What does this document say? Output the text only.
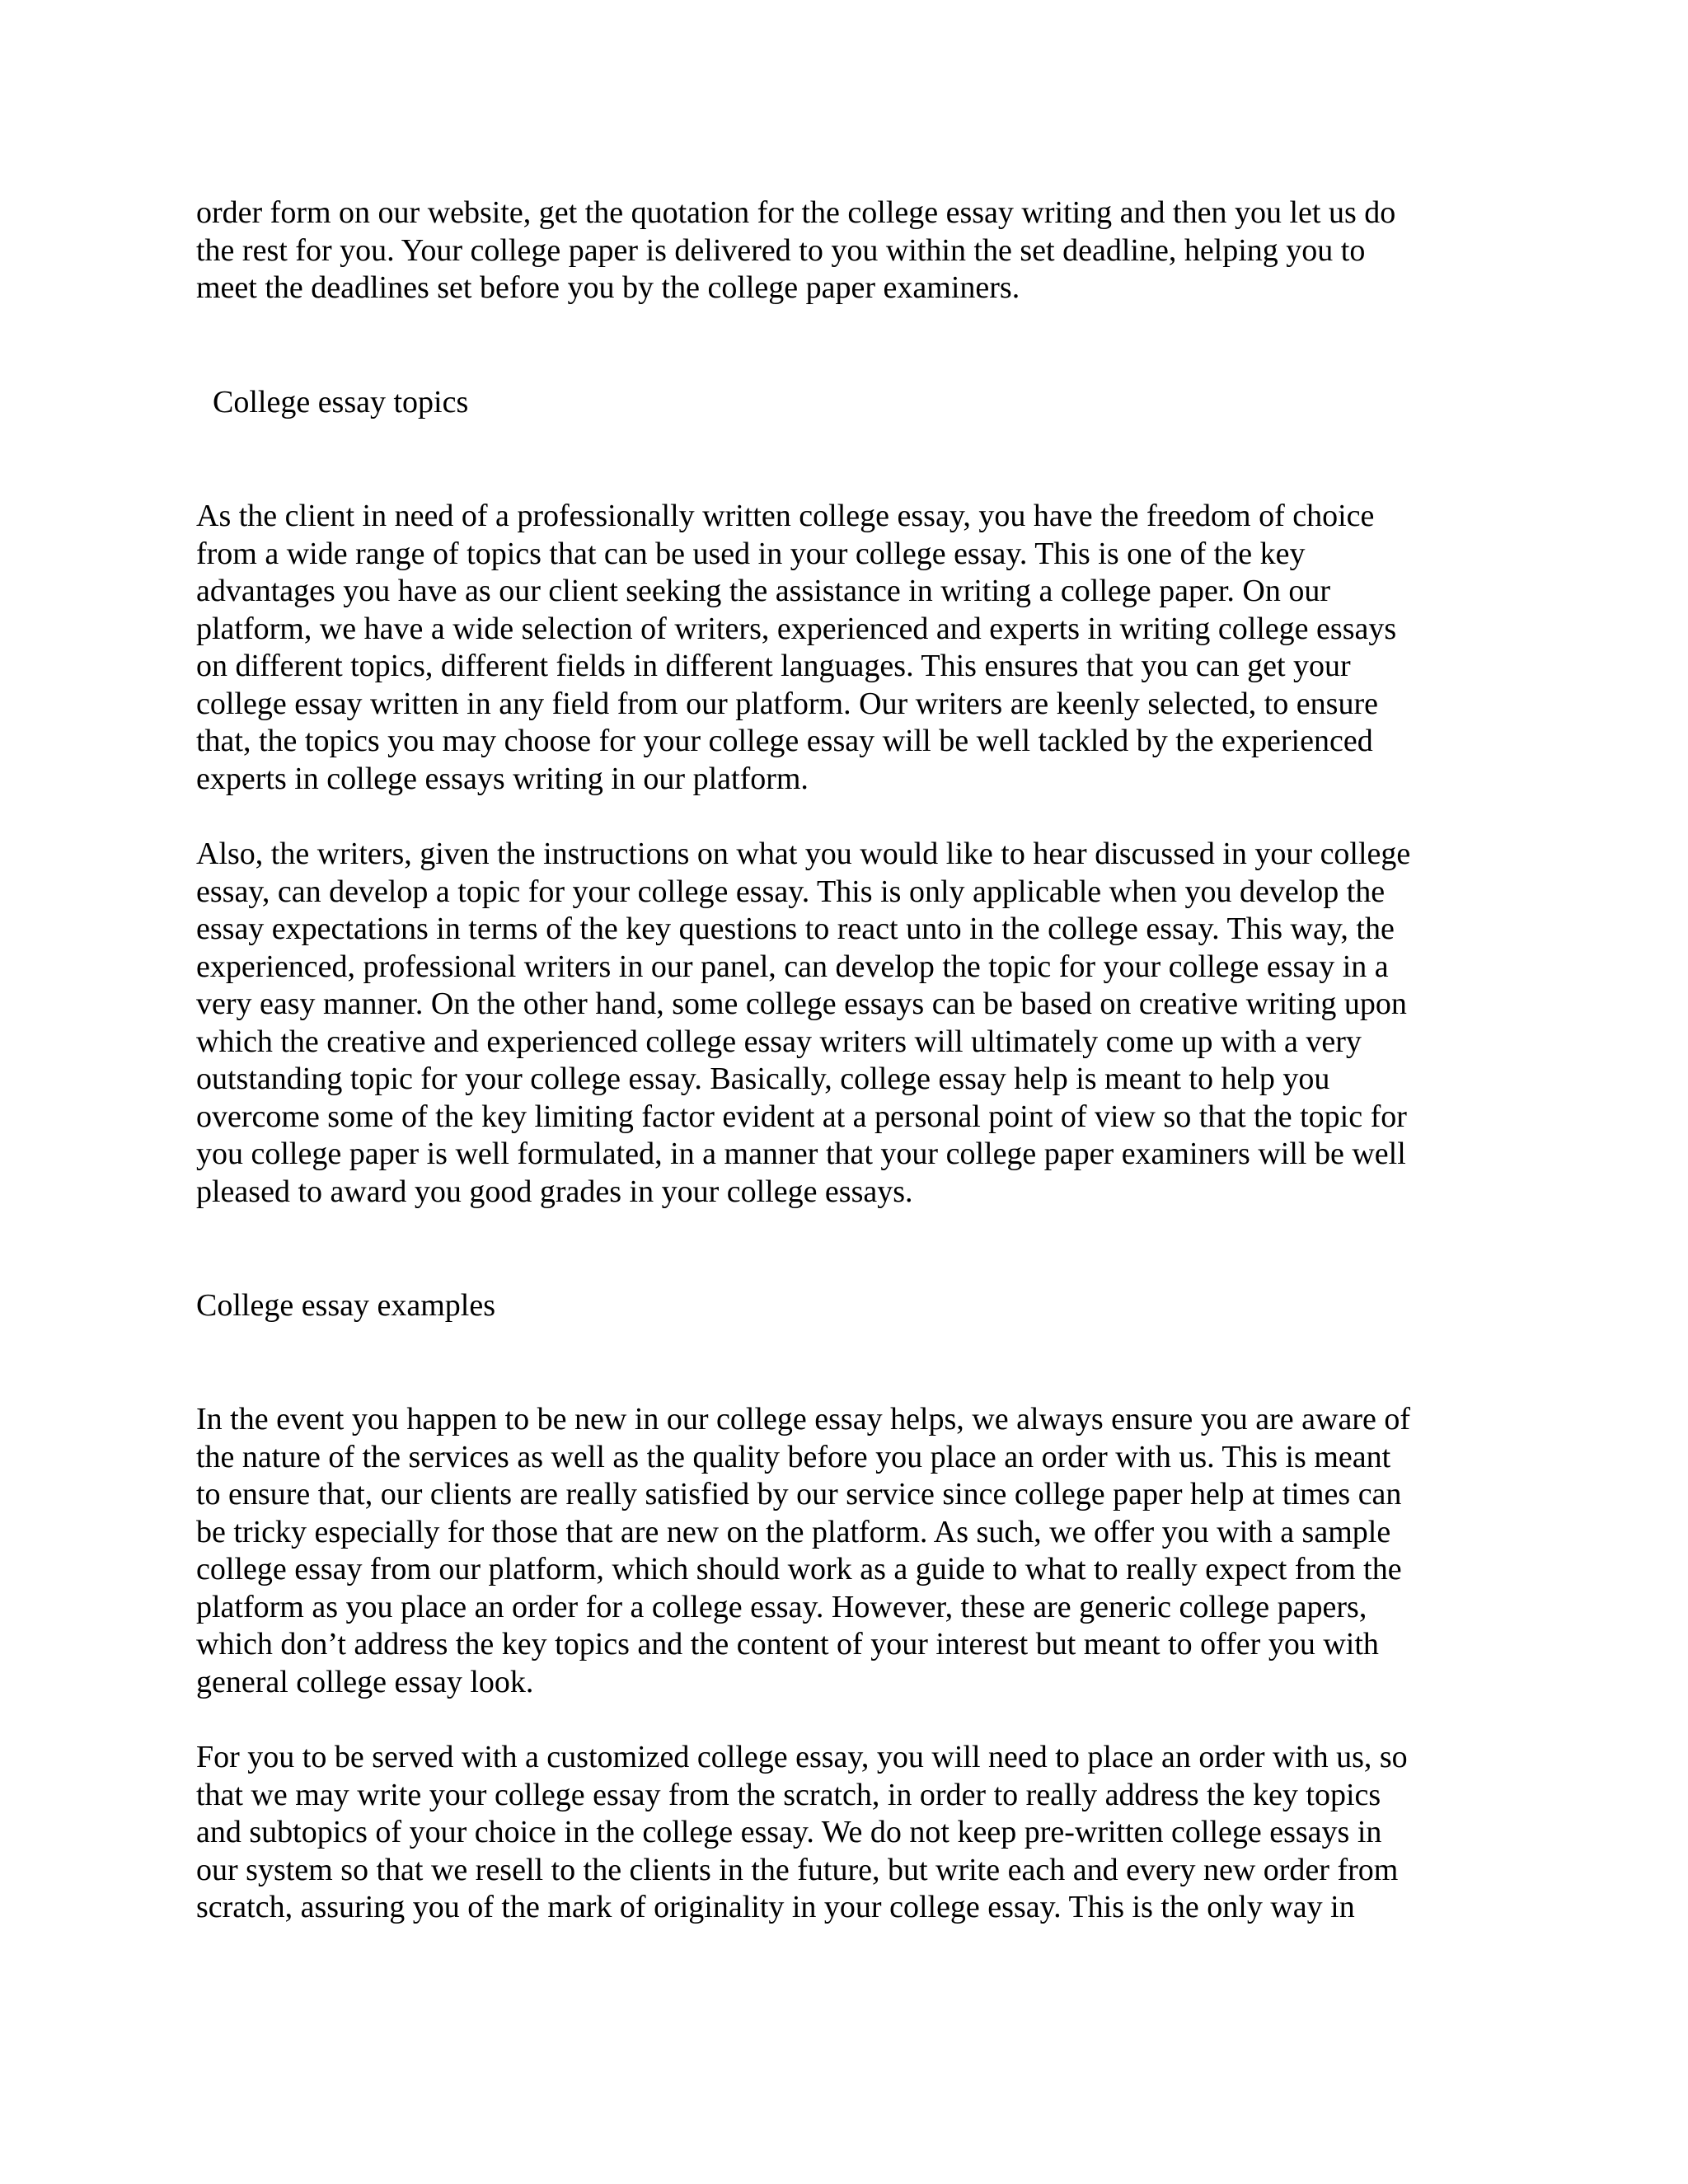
order form on our website, get the quotation for the college essay writing and then you let us do
the rest for you. Your college paper is delivered to you within the set deadline, helping you to
meet the deadlines set before you by the college paper examiners.
College essay topics
As the client in need of a professionally written college essay, you have the freedom of choice
from a wide range of topics that can be used in your college essay. This is one of the key
advantages you have as our client seeking the assistance in writing a college paper. On our
platform, we have a wide selection of writers, experienced and experts in writing college essays
on different topics, different fields in different languages. This ensures that you can get your
college essay written in any field from our platform. Our writers are keenly selected, to ensure
that, the topics you may choose for your college essay will be well tackled by the experienced
experts in college essays writing in our platform.
Also, the writers, given the instructions on what you would like to hear discussed in your college
essay, can develop a topic for your college essay. This is only applicable when you develop the
essay expectations in terms of the key questions to react unto in the college essay. This way, the
experienced, professional writers in our panel, can develop the topic for your college essay in a
very easy manner. On the other hand, some college essays can be based on creative writing upon
which the creative and experienced college essay writers will ultimately come up with a very
outstanding topic for your college essay. Basically, college essay help is meant to help you
overcome some of the key limiting factor evident at a personal point of view so that the topic for
you college paper is well formulated, in a manner that your college paper examiners will be well
pleased to award you good grades in your college essays.
College essay examples
In the event you happen to be new in our college essay helps, we always ensure you are aware of
the nature of the services as well as the quality before you place an order with us. This is meant
to ensure that, our clients are really satisfied by our service since college paper help at times can
be tricky especially for those that are new on the platform. As such, we offer you with a sample
college essay from our platform, which should work as a guide to what to really expect from the
platform as you place an order for a college essay. However, these are generic college papers,
which don’t address the key topics and the content of your interest but meant to offer you with
general college essay look.
For you to be served with a customized college essay, you will need to place an order with us, so
that we may write your college essay from the scratch, in order to really address the key topics
and subtopics of your choice in the college essay. We do not keep pre-written college essays in
our system so that we resell to the clients in the future, but write each and every new order from
scratch, assuring you of the mark of originality in your college essay. This is the only way in
